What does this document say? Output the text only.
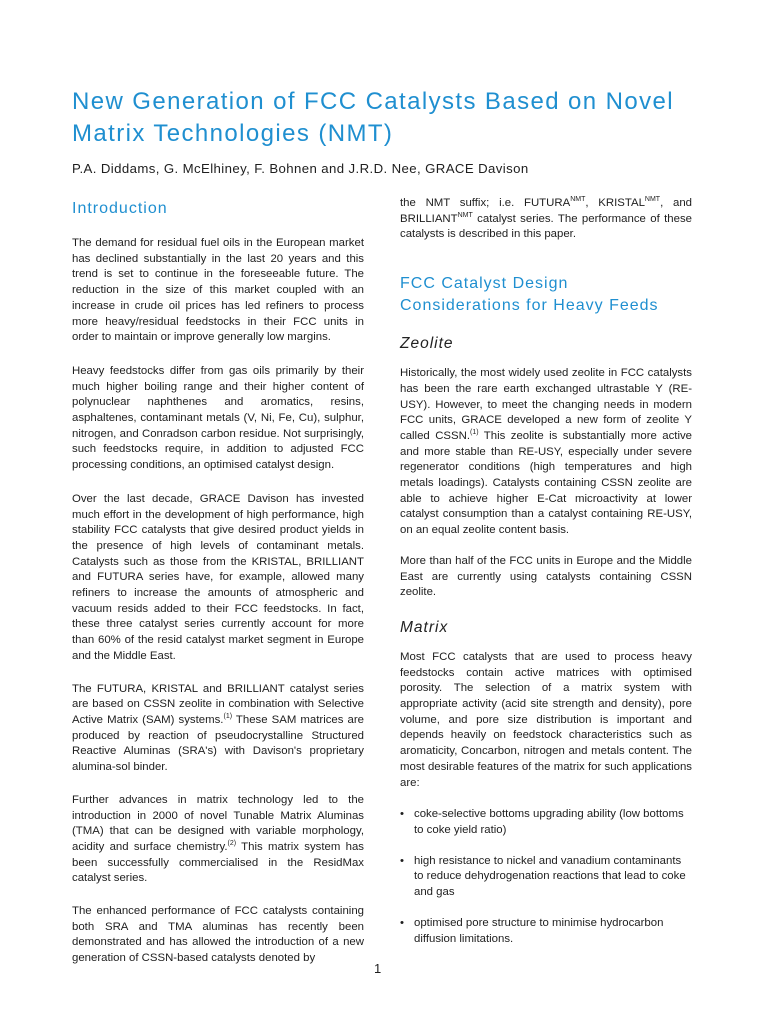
New Generation of FCC Catalysts Based on Novel Matrix Technologies (NMT)

P.A. Diddams, G. McElhiney, F. Bohnen and J.R.D. Nee, GRACE Davison

Introduction

The demand for residual fuel oils in the European market has declined substantially in the last 20 years and this trend is set to continue in the foreseeable future. The reduction in the size of this market coupled with an increase in crude oil prices has led refiners to process more heavy/residual feedstocks in their FCC units in order to maintain or improve generally low margins.

Heavy feedstocks differ from gas oils primarily by their much higher boiling range and their higher content of polynuclear naphthenes and aromatics, resins, asphaltenes, contaminant metals (V, Ni, Fe, Cu), sulphur, nitrogen, and Conradson carbon residue. Not surprisingly, such feedstocks require, in addition to adjusted FCC processing conditions, an optimised catalyst design.

Over the last decade, GRACE Davison has invested much effort in the development of high performance, high stability FCC catalysts that give desired product yields in the presence of high levels of contaminant metals. Catalysts such as those from the KRISTAL, BRILLIANT and FUTURA series have, for example, allowed many refiners to increase the amounts of atmospheric and vacuum resids added to their FCC feedstocks. In fact, these three catalyst series currently account for more than 60% of the resid catalyst market segment in Europe and the Middle East.

The FUTURA, KRISTAL and BRILLIANT catalyst series are based on CSSN zeolite in combination with Selective Active Matrix (SAM) systems.$^{(1)}$ These SAM matrices are produced by reaction of pseudocrystalline Structured Reactive Aluminas (SRA's) with Davison's proprietary alumina-sol binder.

Further advances in matrix technology led to the introduction in 2000 of novel Tunable Matrix Aluminas (TMA) that can be designed with variable morphology, acidity and surface chemistry.$^{(2)}$ This matrix system has been successfully commercialised in the ResidMax catalyst series.

The enhanced performance of FCC catalysts containing both SRA and TMA aluminas has recently been demonstrated and has allowed the introduction of a new generation of CSSN-based catalysts denoted by

the NMT suffix; i.e. $FUTURA^{NMT}$, $KRISTAL^{NMT}$, and $BRILLIANT^{NMT}$ catalyst series. The performance of these catalysts is described in this paper.

FCC Catalyst Design Considerations for Heavy Feeds
Zeolite

Historically, the most widely used zeolite in FCC catalysts has been the rare earth exchanged ultrastable Y (RE-USY). However, to meet the changing needs in modern FCC units, GRACE developed a new form of zeolite Y called CSSN.$^{(1)}$ This zeolite is substantially more active and more stable than RE-USY, especially under severe regenerator conditions (high temperatures and high metals loadings). Catalysts containing CSSN zeolite are able to achieve higher E-Cat microactivity at lower catalyst consumption than a catalyst containing RE-USY, on an equal zeolite content basis.

More than half of the FCC units in Europe and the Middle East are currently using catalysts containing CSSN zeolite.

Matrix

Most FCC catalysts that are used to process heavy feedstocks contain active matrices with optimised porosity. The selection of a matrix system with appropriate activity (acid site strength and density), pore volume, and pore size distribution is important and depends heavily on feedstock characteristics such as aromaticity, Concarbon, nitrogen and metals content. The most desirable features of the matrix for such applications are:

• coke-selective bottoms upgrading ability (low bottoms to coke yield ratio)
• high resistance to nickel and vanadium contaminants to reduce dehydrogenation reactions that lead to coke and gas
• optimised pore structure to minimise hydrocarbon diffusion limitations.
1
